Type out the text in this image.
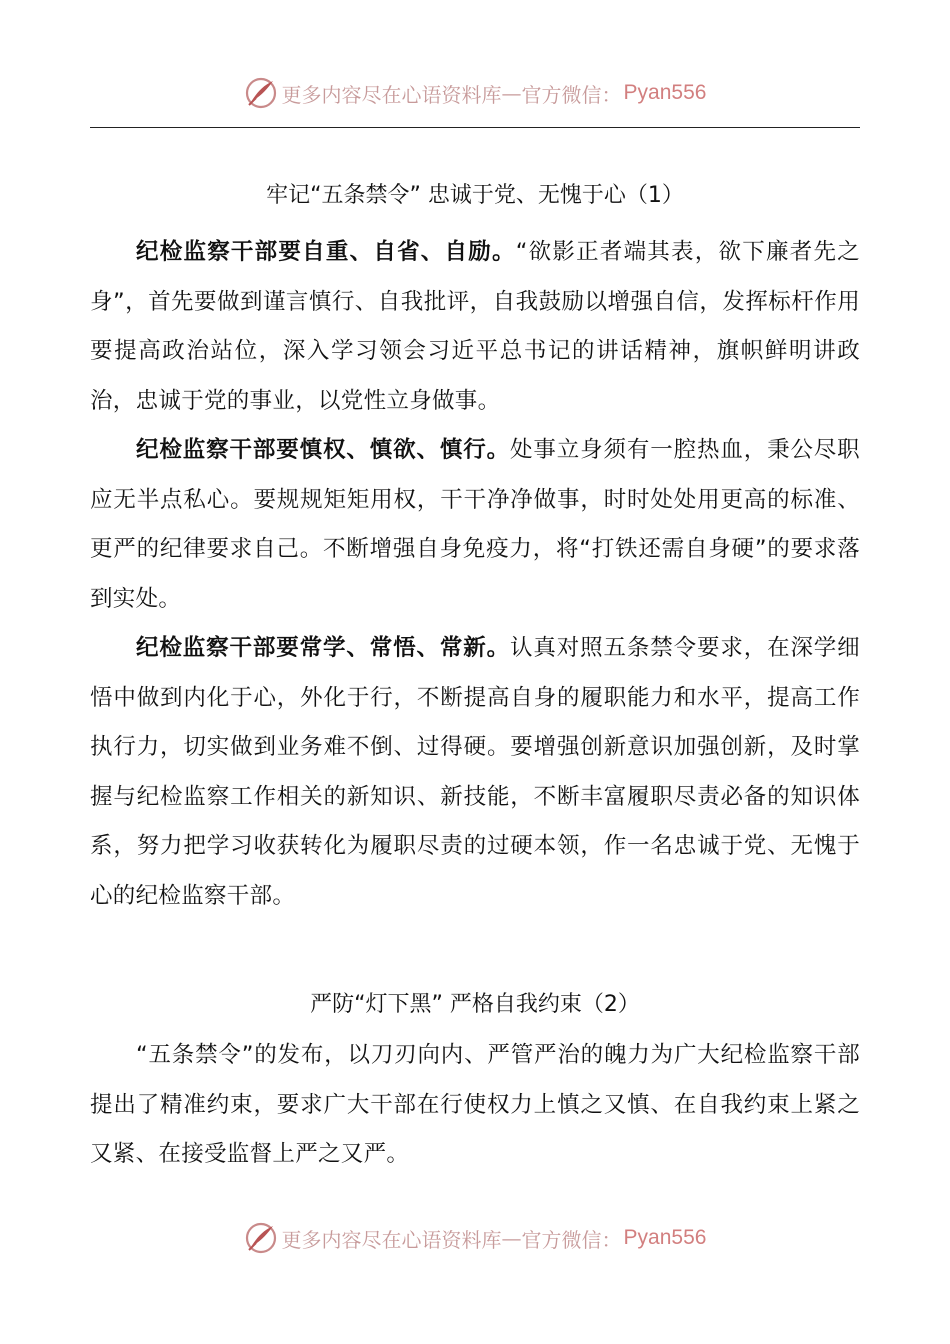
更多内容尽在心语资料库 — 官方微信： Pyan556
牢记“五条禁令” 忠诚于党、无愧于心（1）

纪检监察干部要自重、自省、自励。“欲影正者端其表，欲下廉者先之身”，首先要做到谨言慎行、自我批评，自我鼓励以增强自信，发挥标杆作用要提高政治站位，深入学习领会习近平总书记的讲话精神，旗帜鲜明讲政治，忠诚于党的事业，以党性立身做事。

纪检监察干部要慎权、慎欲、慎行。处事立身须有一腔热血，秉公尽职应无半点私心。要规规矩矩用权，干干净净做事，时时处处用更高的标准、更严的纪律要求自己。不断增强自身免疫力，将“打铁还需自身硬”的要求落到实处。

纪检监察干部要常学、常悟、常新。认真对照五条禁令要求，在深学细悟中做到内化于心，外化于行，不断提高自身的履职能力和水平，提高工作执行力，切实做到业务难不倒、过得硬。要增强创新意识加强创新，及时掌握与纪检监察工作相关的新知识、新技能，不断丰富履职尽责必备的知识体系，努力把学习收获转化为履职尽责的过硬本领，作一名忠诚于党、无愧于心的纪检监察干部。

严防“灯下黑” 严格自我约束（2）

“五条禁令”的发布，以刀刃向内、严管严治的魄力为广大纪检监察干部提出了精准约束，要求广大干部在行使权力上慎之又慎、在自我约束上紧之又紧、在接受监督上严之又严。

更多内容尽在心语资料库 — 官方微信： Pyan556
